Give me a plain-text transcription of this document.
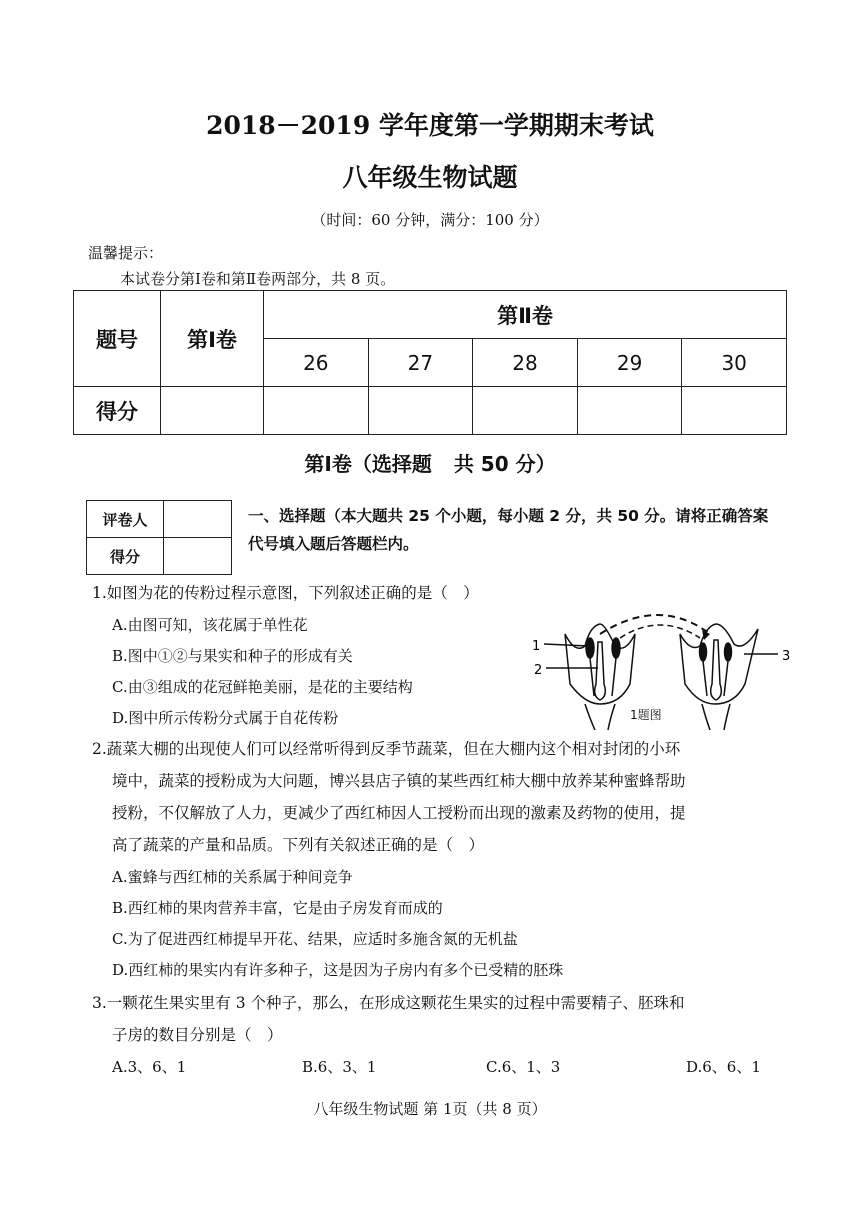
2018－2019 学年度第一学期期末考试
八年级生物试题
（时间：60 分钟，满分：100 分）
温馨提示：
本试卷分第Ⅰ卷和第Ⅱ卷两部分，共 8 页。
题号	第Ⅰ卷	第Ⅱ卷				
		26	27	28	29	30
得分						
第Ⅰ卷（选择题 共 50 分）
评卷人	
得分	
一、选择题（本大题共 25 个小题，每小题 2 分，共 50 分。请将正确答案代号填入题后答题栏内。
1.如图为花的传粉过程示意图，下列叙述正确的是（　）
A.由图可知，该花属于单性花
B.图中①②与果实和种子的形成有关
C.由③组成的花冠鲜艳美丽，是花的主要结构
D.图中所示传粉分式属于自花传粉
1
2
3
1题图
2.蔬菜大棚的出现使人们可以经常听得到反季节蔬菜，但在大棚内这个相对封闭的小环
境中，蔬菜的授粉成为大问题，博兴县店子镇的某些西红柿大棚中放养某种蜜蜂帮助
授粉，不仅解放了人力，更减少了西红柿因人工授粉而出现的激素及药物的使用，提
高了蔬菜的产量和品质。下列有关叙述正确的是（　）
A.蜜蜂与西红柿的关系属于种间竞争
B.西红柿的果肉营养丰富，它是由子房发育而成的
C.为了促进西红柿提早开花、结果，应适时多施含氮的无机盐
D.西红柿的果实内有许多种子，这是因为子房内有多个已受精的胚珠
3.一颗花生果实里有 3 个种子，那么，在形成这颗花生果实的过程中需要精子、胚珠和
子房的数目分别是（　）
A.3、6、1	B.6、3、1	C.6、1、3	D.6、6、1
八年级生物试题 第 1页（共 8 页）
